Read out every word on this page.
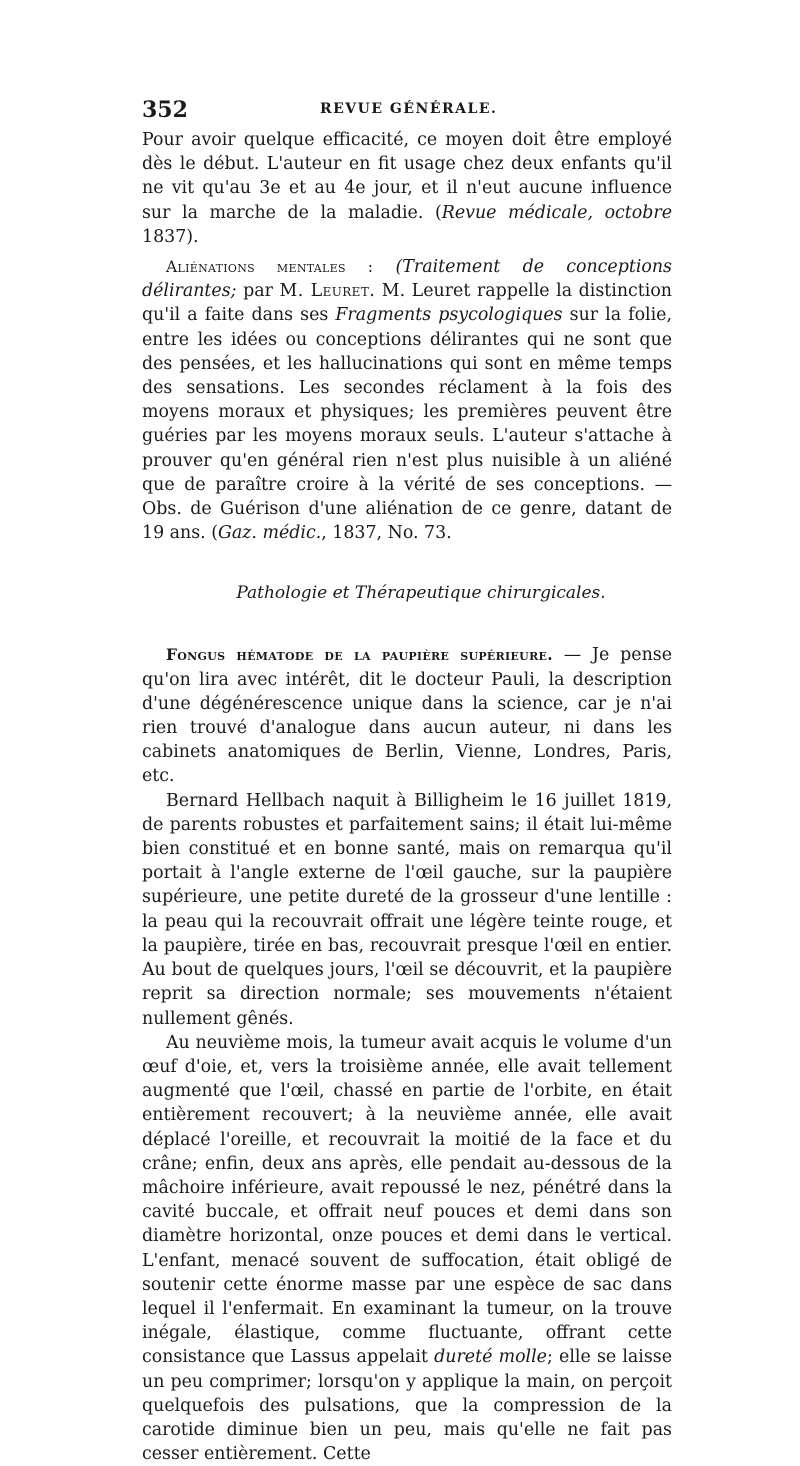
352	REVUE GÉNÉRALE.

Pour avoir quelque efficacité, ce moyen doit être employé dès le début. L'auteur en fit usage chez deux enfants qu'il ne vit qu'au 3e et au 4e jour, et il n'eut aucune influence sur la marche de la maladie. (Revue médicale, octobre 1837).

Aliénations mentales : (Traitement de conceptions délirantes; par M. Leuret. M. Leuret rappelle la distinction qu'il a faite dans ses Fragments psycologiques sur la folie, entre les idées ou conceptions délirantes qui ne sont que des pensées, et les hallucinations qui sont en même temps des sensations. Les secondes réclament à la fois des moyens moraux et physiques; les premières peuvent être guéries par les moyens moraux seuls. L'auteur s'attache à prouver qu'en général rien n'est plus nuisible à un aliéné que de paraître croire à la vérité de ses conceptions. — Obs. de Guérison d'une aliénation de ce genre, datant de 19 ans. (Gaz. médic., 1837, No. 73.

Pathologie et Thérapeutique chirurgicales.

Fongus hématode de la paupière supérieure. — Je pense qu'on lira avec intérêt, dit le docteur Pauli, la description d'une dégénérescence unique dans la science, car je n'ai rien trouvé d'analogue dans aucun auteur, ni dans les cabinets anatomiques de Berlin, Vienne, Londres, Paris, etc.

Bernard Hellbach naquit à Billigheim le 16 juillet 1819, de parents robustes et parfaitement sains; il était lui-même bien constitué et en bonne santé, mais on remarqua qu'il portait à l'angle externe de l'œil gauche, sur la paupière supérieure, une petite dureté de la grosseur d'une lentille : la peau qui la recouvrait offrait une légère teinte rouge, et la paupière, tirée en bas, recouvrait presque l'œil en entier. Au bout de quelques jours, l'œil se découvrit, et la paupière reprit sa direction normale; ses mouvements n'étaient nullement gênés.

Au neuvième mois, la tumeur avait acquis le volume d'un œuf d'oie, et, vers la troisième année, elle avait tellement augmenté que l'œil, chassé en partie de l'orbite, en était entièrement recouvert; à la neuvième année, elle avait déplacé l'oreille, et recouvrait la moitié de la face et du crâne; enfin, deux ans après, elle pendait au-dessous de la mâchoire inférieure, avait repoussé le nez, pénétré dans la cavité buccale, et offrait neuf pouces et demi dans son diamètre horizontal, onze pouces et demi dans le vertical. L'enfant, menacé souvent de suffocation, était obligé de soutenir cette énorme masse par une espèce de sac dans lequel il l'enfermait. En examinant la tumeur, on la trouve inégale, élastique, comme fluctuante, offrant cette consistance que Lassus appelait dureté molle; elle se laisse un peu comprimer; lorsqu'on y applique la main, on perçoit quelquefois des pulsations, que la compression de la carotide diminue bien un peu, mais qu'elle ne fait pas cesser entièrement. Cette
